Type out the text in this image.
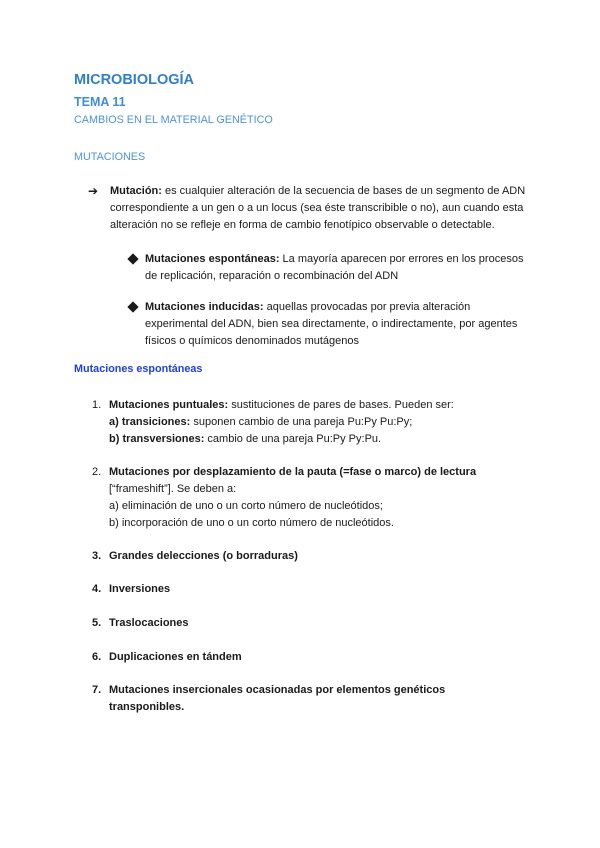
MICROBIOLOGÍA
TEMA 11
CAMBIOS EN EL MATERIAL GENÉTICO
MUTACIONES
➔ Mutación: es cualquier alteración de la secuencia de bases de un segmento de ADN correspondiente a un gen o a un locus (sea éste transcribible o no), aun cuando esta alteración no se refleje en forma de cambio fenotípico observable o detectable.
Mutaciones espontáneas: La mayoría aparecen por errores en los procesos de replicación, reparación o recombinación del ADN
Mutaciones inducidas: aquellas provocadas por previa alteración experimental del ADN, bien sea directamente, o indirectamente, por agentes físicos o químicos denominados mutágenos
Mutaciones espontáneas
1. Mutaciones puntuales: sustituciones de pares de bases. Pueden ser:
a) transiciones: suponen cambio de una pareja Pu:Py Pu:Py;
b) transversiones: cambio de una pareja Pu:Py Py:Pu.
2. Mutaciones por desplazamiento de la pauta (=fase o marco) de lectura
[“frameshift”]. Se deben a:
a) eliminación de uno o un corto número de nucleótidos;
b) incorporación de uno o un corto número de nucleótidos.
3. Grandes delecciones (o borraduras)
4. Inversiones
5. Traslocaciones
6. Duplicaciones en tándem
7. Mutaciones insercionales ocasionadas por elementos genéticos transponibles.
